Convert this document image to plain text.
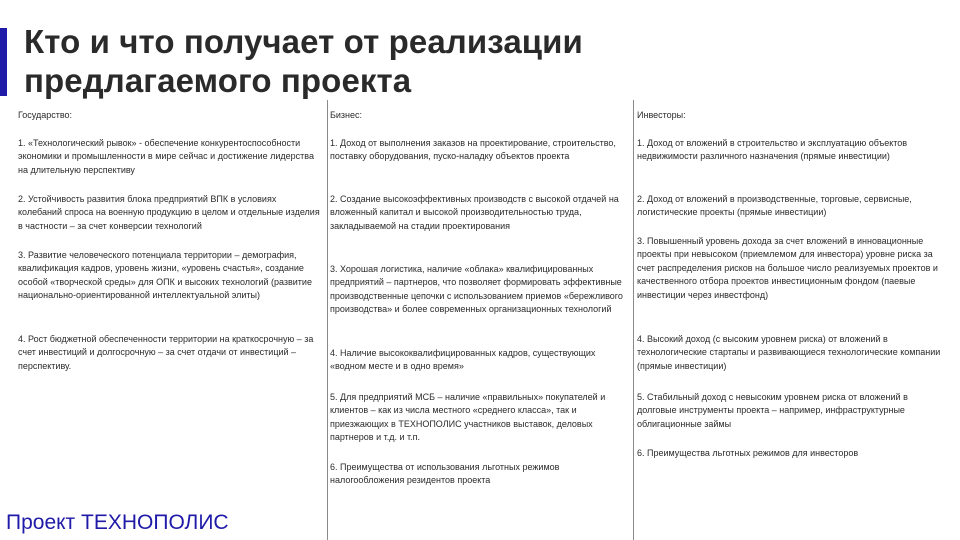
Кто и что получает от реализации предлагаемого проекта

Государство:

1. «Технологический рывок» - обеспечение конкурентоспособности экономики и промышленности в мире сейчас и достижение лидерства на длительную перспективу

2. Устойчивость развития блока предприятий ВПК в условиях колебаний спроса на военную продукцию в целом и отдельные изделия в частности – за счет конверсии технологий

3. Развитие человеческого потенциала территории – демография, квалификация кадров, уровень жизни, «уровень счастья», создание особой «творческой среды» для ОПК и высоких технологий (развитие национально-ориентированной интеллектуальной элиты)

4. Рост бюджетной обеспеченности территории на краткосрочную – за счет инвестиций и долгосрочную – за счет отдачи от инвестиций – перспективу.

Бизнес:

1. Доход от выполнения заказов на проектирование, строительство, поставку оборудования, пуско-наладку объектов проекта

2. Создание высокоэффективных производств с высокой отдачей на вложенный капитал и высокой производительностью труда, закладываемой на стадии проектирования

3. Хорошая логистика, наличие «облака» квалифицированных предприятий – партнеров, что позволяет формировать эффективные производственные цепочки с использованием приемов «бережливого производства» и более современных организационных технологий

4. Наличие высококвалифицированных кадров, существующих «водном месте и в одно время»

5. Для предприятий МСБ – наличие «правильных» покупателей и клиентов – как из числа местного «среднего класса», так и приезжающих в ТЕХНОПОЛИС участников выставок, деловых партнеров и т.д. и т.п.

6. Преимущества от использования льготных режимов налогообложения резидентов проекта

Инвесторы:

1. Доход от вложений в строительство и эксплуатацию объектов недвижимости различного назначения (прямые инвестиции)

2. Доход от вложений в производственные, торговые, сервисные, логистические проекты (прямые инвестиции)

3. Повышенный уровень дохода за счет вложений в инновационные проекты при невысоком (приемлемом для инвестора) уровне риска за счет распределения рисков на большое число реализуемых проектов и качественного отбора проектов инвестиционным фондом (паевые инвестиции через инвестфонд)

4. Высокий доход (с высоким уровнем риска) от вложений в технологические стартапы и развивающиеся технологические компании (прямые инвестиции)

5. Стабильный доход с невысоким уровнем риска от вложений в долговые инструменты проекта – например, инфраструктурные облигационные займы

6. Преимущества льготных режимов для инвесторов

Проект ТЕХНОПОЛИС
